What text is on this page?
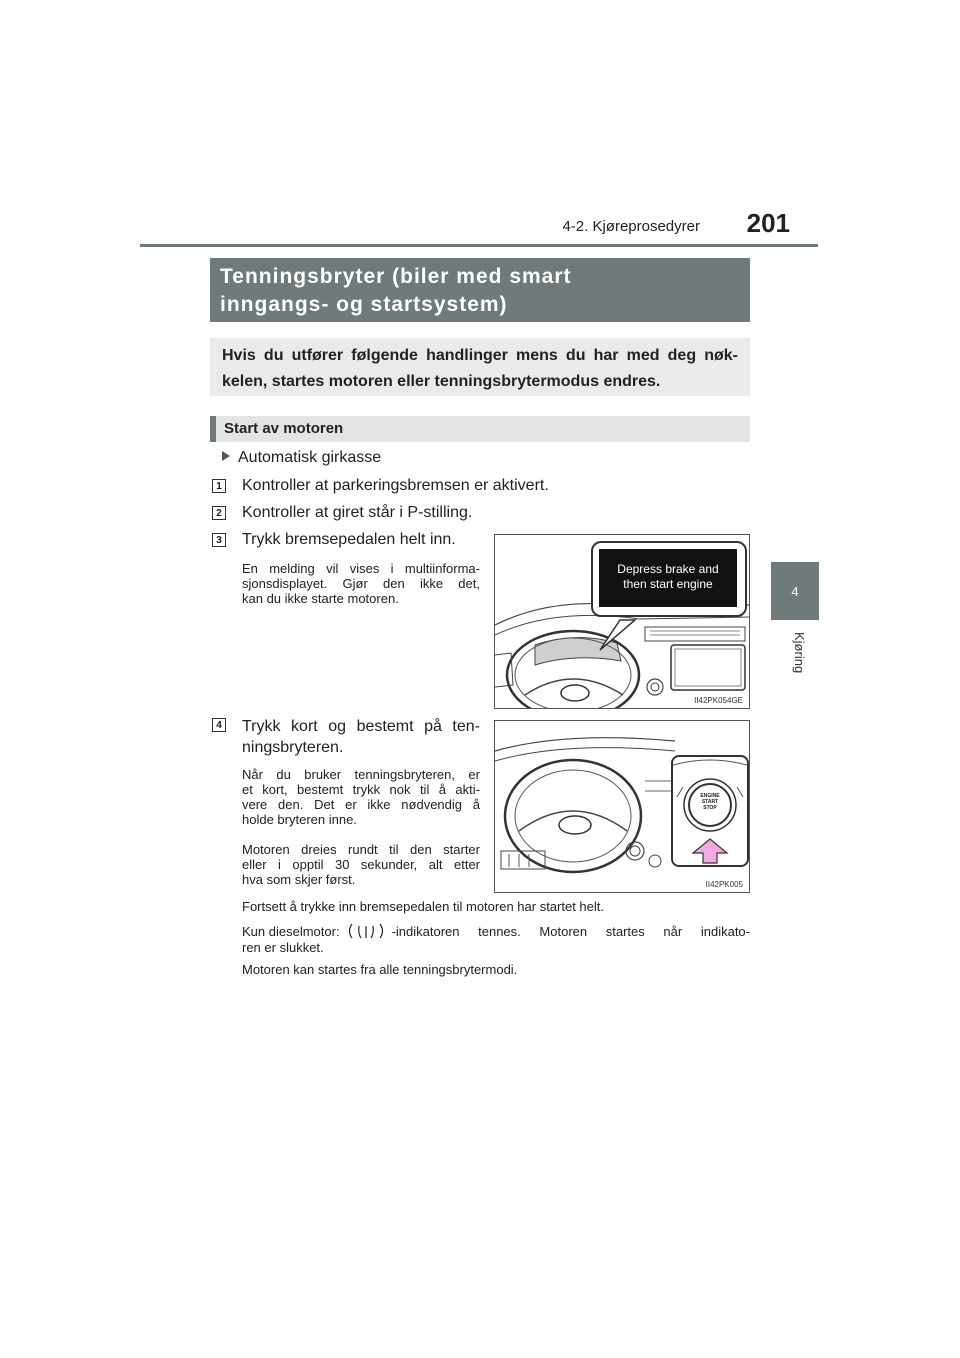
4-2. Kjøreprosedyrer	201
4
Kjøring
Tenningsbryter (biler med smart
inngangs- og startsystem)
Hvis du utfører følgende handlinger mens du har med deg nøk-
kelen, startes motoren eller tenningsbrytermodus endres.
Start av motoren
Automatisk girkasse
1
2
3
4
Kontroller at parkeringsbremsen er aktivert.
Kontroller at giret står i P-stilling.
Trykk bremsepedalen helt inn.
En melding vil vises i multiinforma-
sjonsdisplayet. Gjør den ikke det,
kan du ikke starte motoren.
Trykk kort og bestemt på ten-
ningsbryteren.
Når du bruker tenningsbryteren, er
et kort, bestemt trykk nok til å akti-
vere den. Det er ikke nødvendig å
holde bryteren inne.
Motoren dreies rundt til den starter
eller i opptil 30 sekunder, alt etter
hva som skjer først.
Depress brake and
then start engine
II42PK054GE
ENGINE
START
STOP
II42PK005
Fortsett å trykke inn bremsepedalen til motoren har startet helt.
Kun dieselmotor:	-indikatoren tennes. Motoren startes når indikato-
ren er slukket.
Motoren kan startes fra alle tenningsbrytermodi.
